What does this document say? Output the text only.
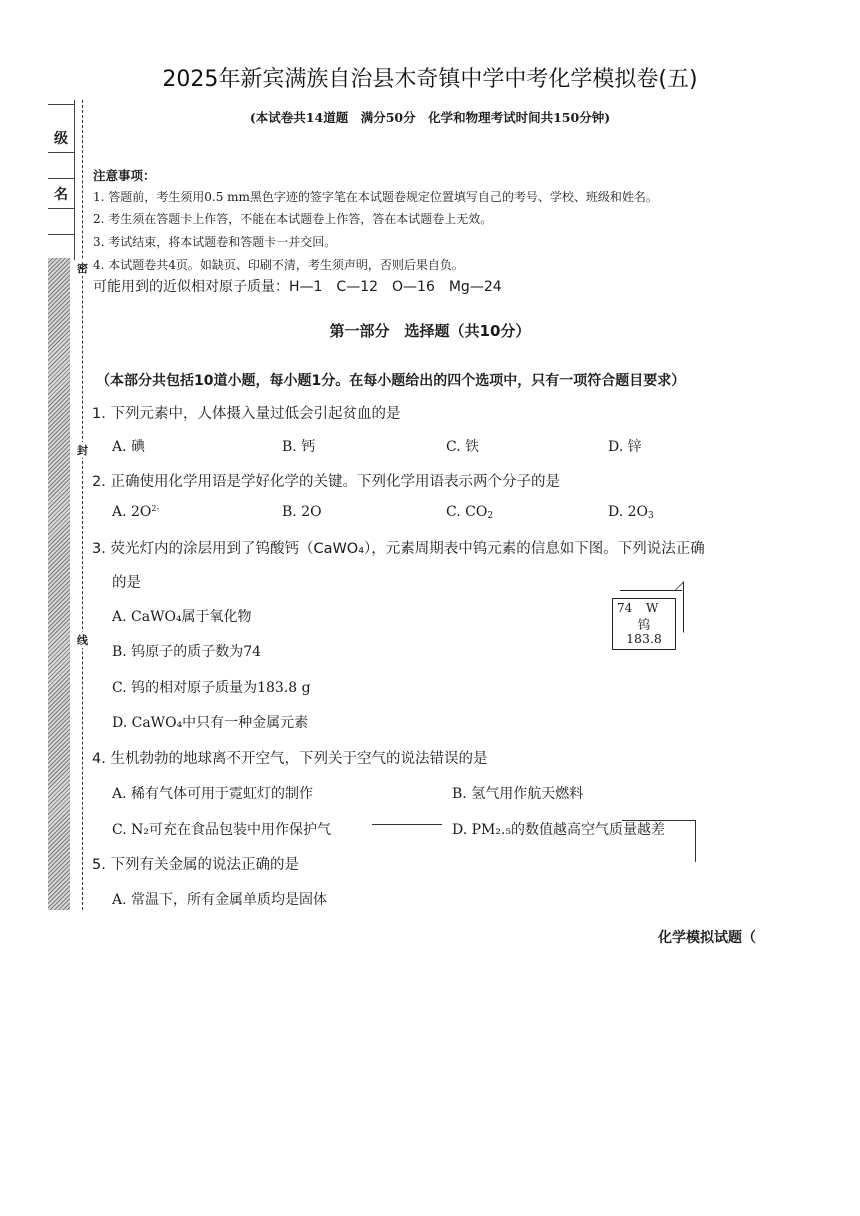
2025年新宾满族自治县木奇镇中学中考化学模拟卷(五)
(本试卷共14道题　满分50分　化学和物理考试时间共150分钟)
级
名
密
封
线
注意事项：
1. 答题前，考生须用0.5 mm黑色字迹的签字笔在本试题卷规定位置填写自己的考号、学校、班级和姓名。
2. 考生须在答题卡上作答，不能在本试题卷上作答，答在本试题卷上无效。
3. 考试结束，将本试题卷和答题卡一并交回。
4. 本试题卷共4页。如缺页、印刷不清，考生须声明，否则后果自负。
可能用到的近似相对原子质量：H—1　C—12　O—16　Mg—24
第一部分　选择题（共10分）
（本部分共包括10道小题，每小题1分。在每小题给出的四个选项中，只有一项符合题目要求）
1. 下列元素中，人体摄入量过低会引起贫血的是
A. 碘	B. 钙	C. 铁	D. 锌
2. 正确使用化学用语是学好化学的关键。下列化学用语表示两个分子的是
A. $2O^{2-}$	B. 2O	C. $CO_2$	D. $2O_3$
3. 荧光灯内的涂层用到了钨酸钙（CaWO₄），元素周期表中钨元素的信息如下图。下列说法正确
的是
A. CaWO₄属于氧化物
B. 钨原子的质子数为74
C. 钨的相对原子质量为183.8 g
D. CaWO₄中只有一种金属元素
74 W
钨
183.8
4. 生机勃勃的地球离不开空气，下列关于空气的说法错误的是
A. 稀有气体可用于霓虹灯的制作	B. 氢气用作航天燃料
C. N₂可充在食品包装中用作保护气	D. PM₂.₅的数值越高空气质量越差
5. 下列有关金属的说法正确的是
A. 常温下，所有金属单质均是固体
化学模拟试题（
